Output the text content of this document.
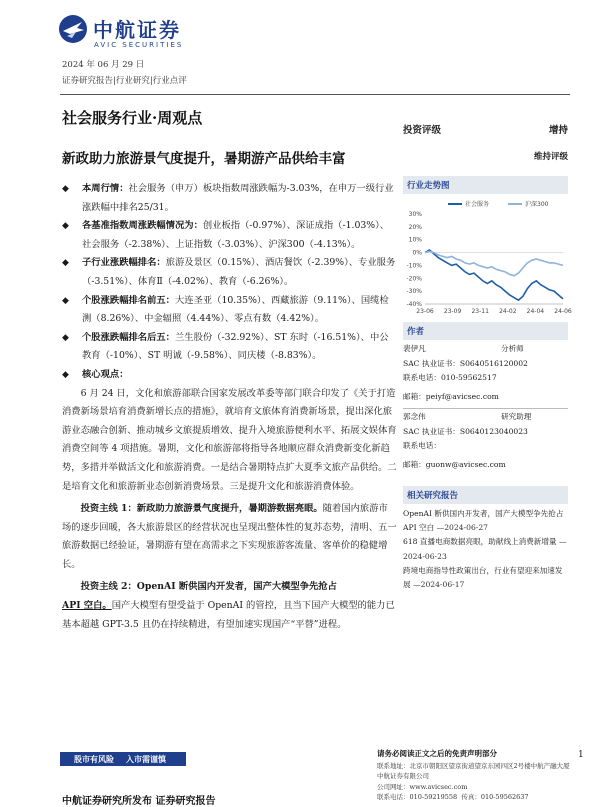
中航证券
AVIC SECURITIES
2024 年 06 月 29 日
证券研究报告|行业研究|行业点评
社会服务行业·周观点
新政助力旅游景气度提升，暑期游产品供给丰富
◆	本周行情：社会服务（申万）板块指数周涨跌幅为-3.03%，在申万一级行业涨跌幅中排名25/31。
◆	各基准指数周涨跌幅情况为：创业板指（-0.97%）、深证成指（-1.03%）、社会服务（-2.38%）、上证指数（-3.03%）、沪深300（-4.13%）。
◆	子行业涨跌幅排名：旅游及景区（0.15%）、酒店餐饮（-2.39%）、专业服务（-3.51%）、体育Ⅱ（-4.02%）、教育（-6.26%）。
◆	个股涨跌幅排名前五：大连圣亚（10.35%）、西藏旅游（9.11%）、国缆检测（8.26%）、中金辐照（4.44%）、零点有数（4.42%）。
◆	个股涨跌幅排名后五：兰生股份（-32.92%）、ST 东时（-16.51%）、中公教育（-10%）、ST 明诚（-9.58%）、同庆楼（-8.83%）。
◆	核心观点：

6 月 24 日，文化和旅游部联合国家发展改革委等部门联合印发了《关于打造消费新场景培育消费新增长点的措施》，就培育文旅体育消费新场景，提出深化旅游业态融合创新、推动城乡文旅提质增效、提升入境旅游便利水平、拓展文娱体育消费空间等 4 项措施。暑期，文化和旅游部将指导各地顺应群众消费新变化新趋势，多措并举做活文化和旅游消费。一是结合暑期特点扩大夏季文旅产品供给。二是培育文化和旅游新业态创新消费场景。三是提升文化和旅游消费体验。

投资主线 1：新政助力旅游景气度提升，暑期游数据亮眼。随着国内旅游市场的逐步回暖，各大旅游景区的经营状况也呈现出整体性的复苏态势，清明、五一旅游数据已经验证，暑期游有望在高需求之下实现旅游客流量、客单价的稳健增长。

投资主线 2：OpenAI 断供国内开发者，国产大模型争先抢占

API 空白。国产大模型有望受益于 OpenAI 的管控，且当下国产大模型的能力已基本超越 GPT-3.5 且仍在持续精进，有望加速实现国产“平替”进程。

投资评级	增持
维持评级
行业走势图
30%
20%
10%
0%
-10%
-20%
-30%
-40%
23-06 23-09 23-11 24-02 24-04 24-06
社会服务	沪深300
作者
裴伊凡	分析师
SAC 执业证书：S0640516120002
联系电话：010-59562517
邮箱：peiyf@avicsec.com
郭念伟	研究助理
SAC 执业证书：S0640123040023
联系电话：
邮箱：guonw@avicsec.com
相关研究报告
OpenAI 断供国内开发者，国产大模型争先抢占 API 空白 —2024-06-27
618 直播电商数据亮眼，助献线上消费新增量 —2024-06-23
跨境电商指导性政策出台，行业有望迎来加速发展 —2024-06-17
股市有风险 入市需谨慎	请务必阅读正文之后的免责声明部分
联系地址：北京市朝阳区望京街道望京东园四区2号楼中航产融大厦中航证券有限公司
公司网址：www.avicsec.com
联系电话：010-59219558 传真：010-59562637
1
中航证券研究所发布 证券研究报告
